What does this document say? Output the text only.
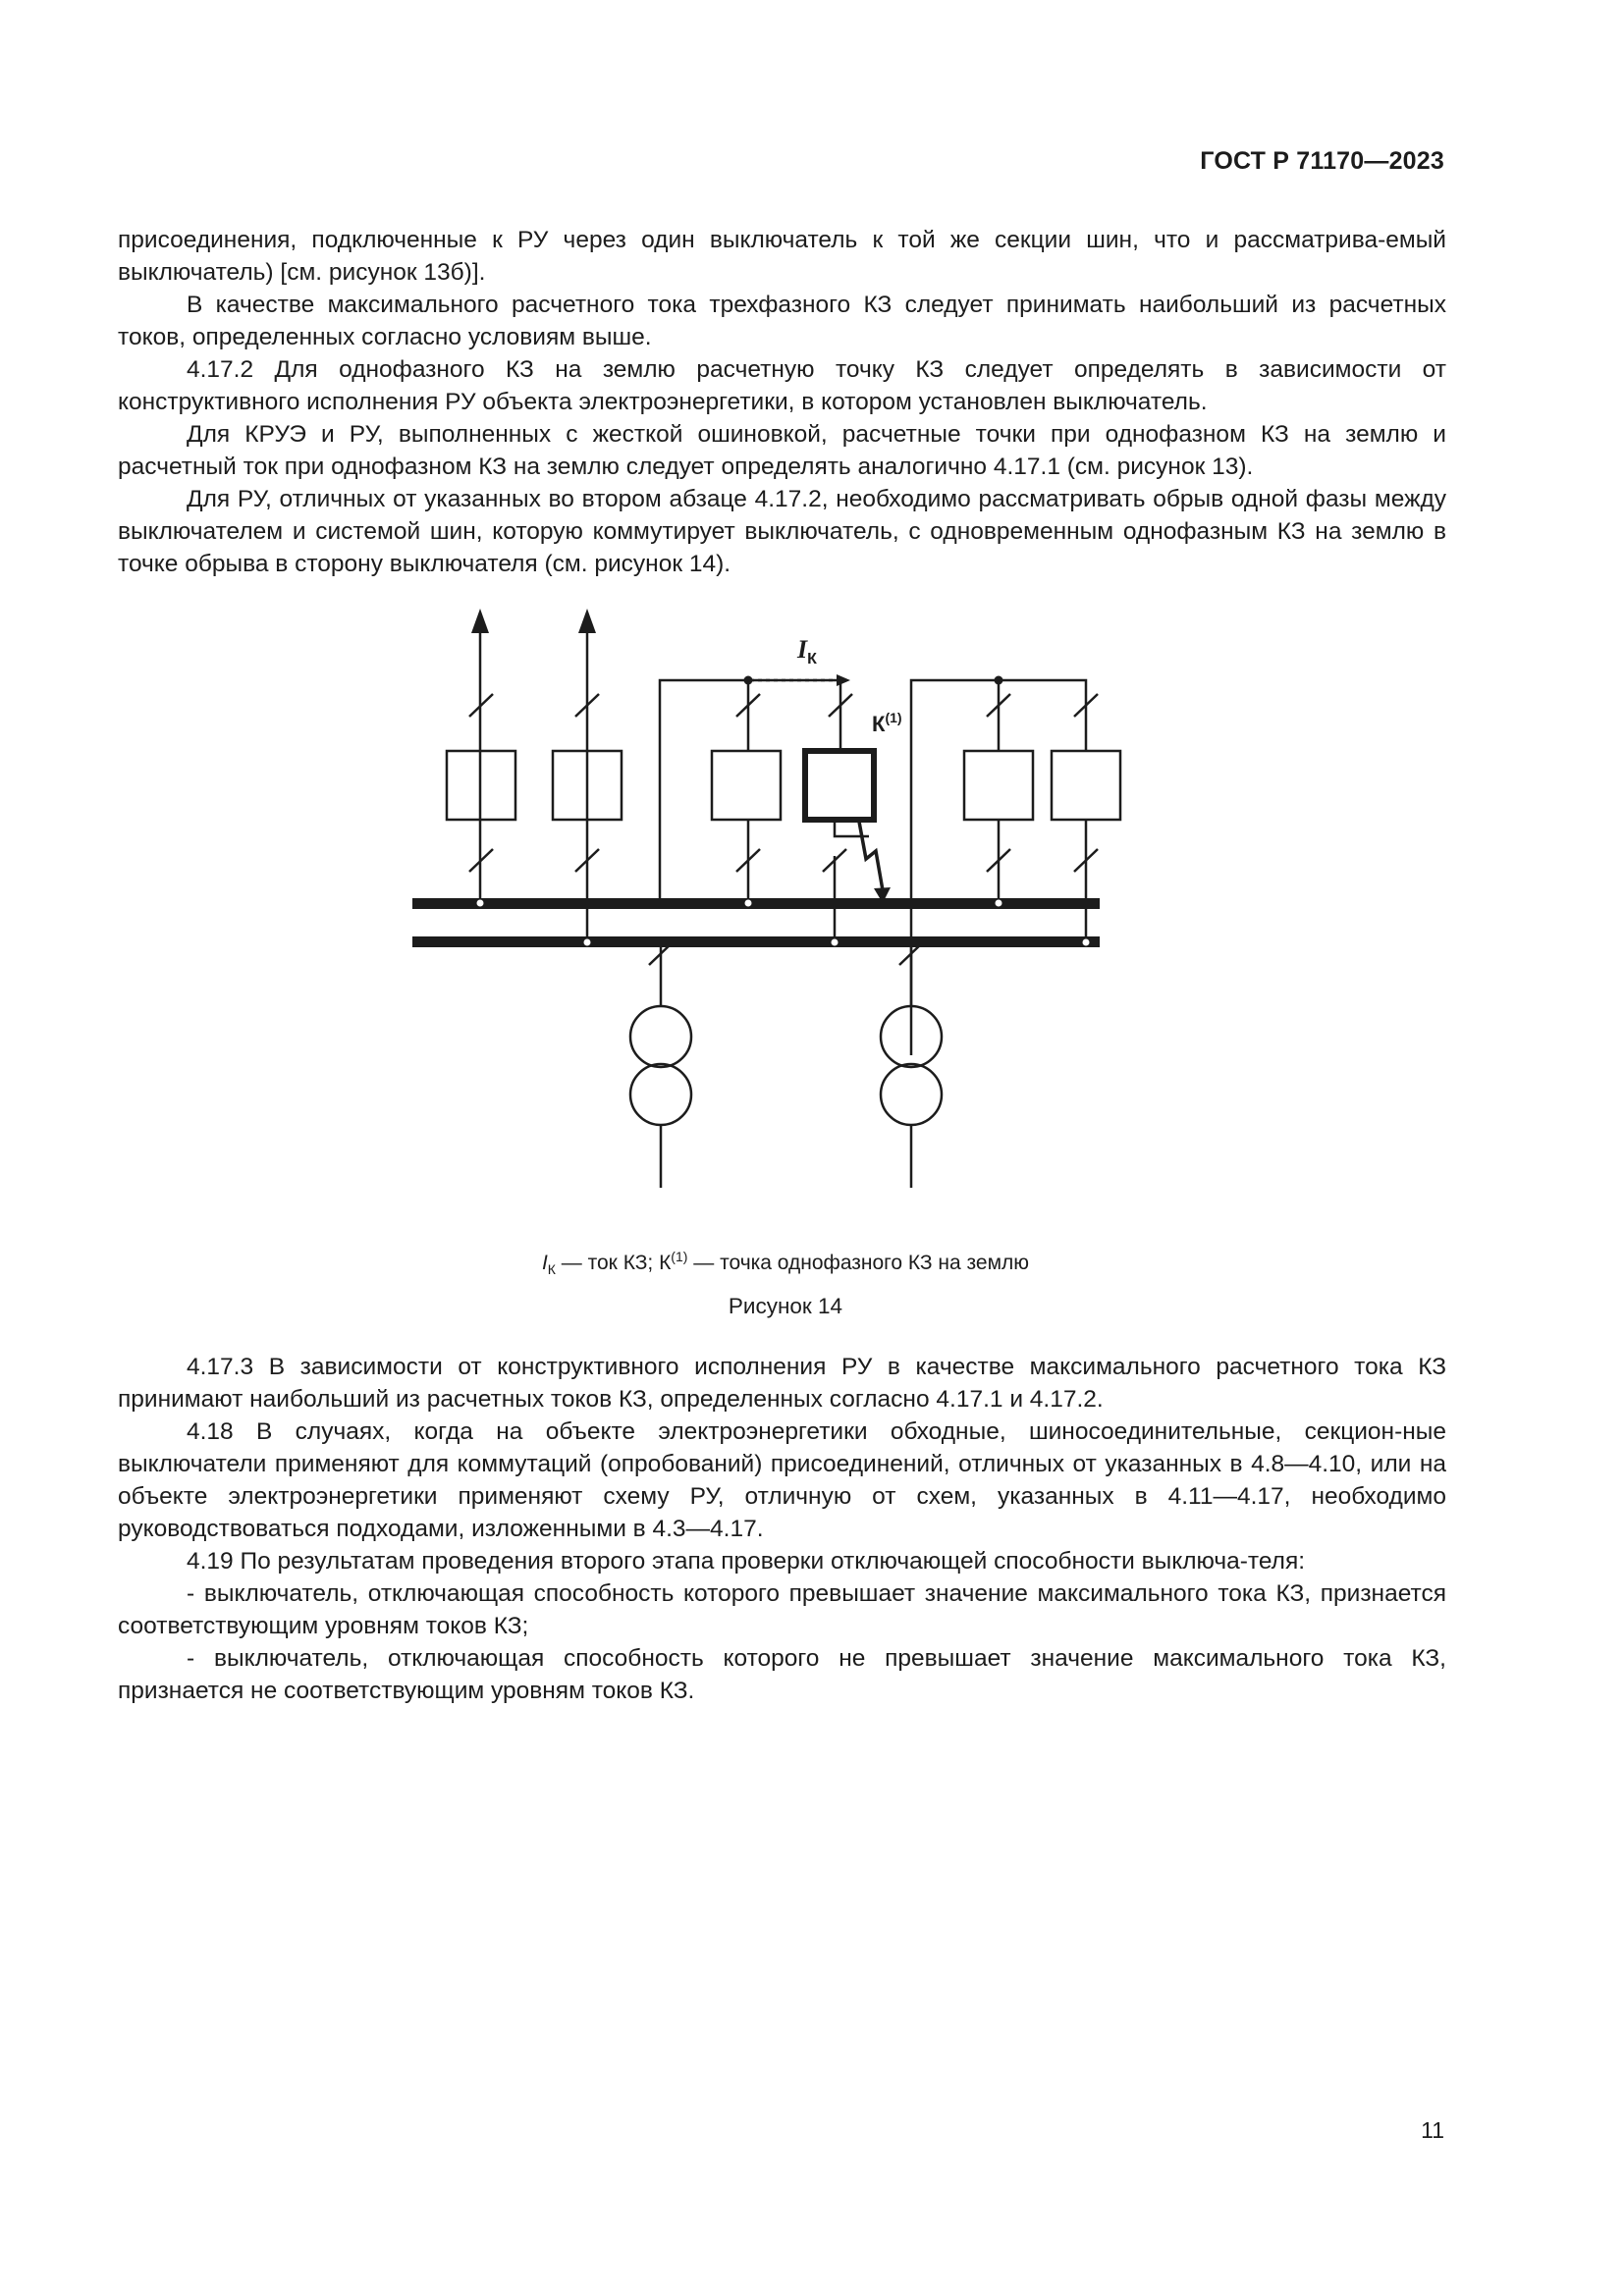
ГОСТ Р 71170—2023

присоединения, подключенные к РУ через один выключатель к той же секции шин, что и рассматрива-емый выключатель) [см. рисунок 13б)].

В качестве максимального расчетного тока трехфазного КЗ следует принимать наибольший из расчетных токов, определенных согласно условиям выше.

4.17.2 Для однофазного КЗ на землю расчетную точку КЗ следует определять в зависимости от конструктивного исполнения РУ объекта электроэнергетики, в котором установлен выключатель.

Для КРУЭ и РУ, выполненных с жесткой ошиновкой, расчетные точки при однофазном КЗ на землю и расчетный ток при однофазном КЗ на землю следует определять аналогично 4.17.1 (см. рисунок 13).

Для РУ, отличных от указанных во втором абзаце 4.17.2, необходимо рассматривать обрыв одной фазы между выключателем и системой шин, которую коммутирует выключатель, с одновременным однофазным КЗ на землю в точке обрыва в сторону выключателя (см. рисунок 14).

$I_К$
$К^{(1)}$
$I_К$ — ток КЗ; $К^{(1)}$ — точка однофазного КЗ на землю
Рисунок 14

4.17.3 В зависимости от конструктивного исполнения РУ в качестве максимального расчетного тока КЗ принимают наибольший из расчетных токов КЗ, определенных согласно 4.17.1 и 4.17.2.

4.18 В случаях, когда на объекте электроэнергетики обходные, шиносоединительные, секцион-ные выключатели применяют для коммутаций (опробований) присоединений, отличных от указанных в 4.8—4.10, или на объекте электроэнергетики применяют схему РУ, отличную от схем, указанных в 4.11—4.17, необходимо руководствоваться подходами, изложенными в 4.3—4.17.

4.19 По результатам проведения второго этапа проверки отключающей способности выключа-теля:

- выключатель, отключающая способность которого превышает значение максимального тока КЗ, признается соответствующим уровням токов КЗ;

- выключатель, отключающая способность которого не превышает значение максимального тока КЗ, признается не соответствующим уровням токов КЗ.

11
